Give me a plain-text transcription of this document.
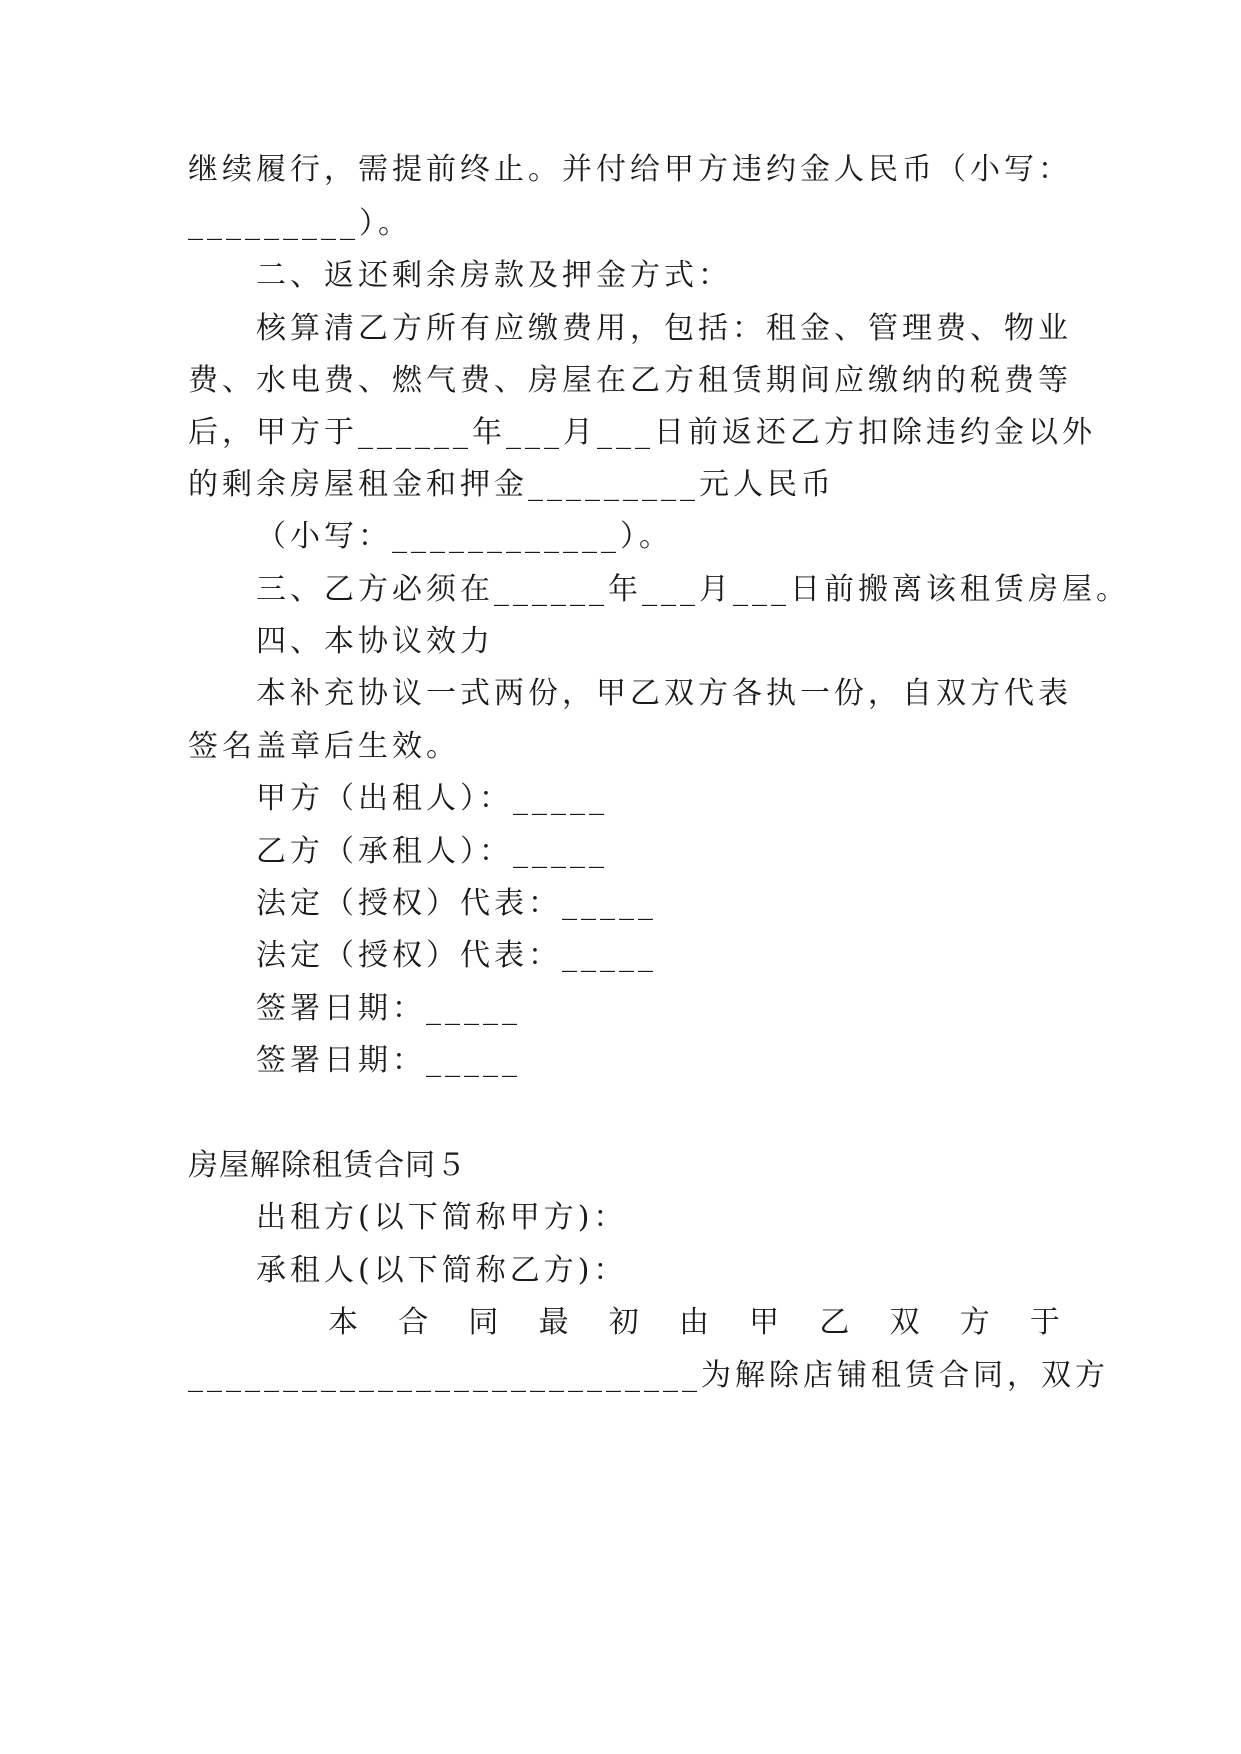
继续履行，需提前终止。并付给甲方违约金人民币（小写：
_________）。
二、返还剩余房款及押金方式：
核算清乙方所有应缴费用，包括：租金、管理费、物业
费、水电费、燃气费、房屋在乙方租赁期间应缴纳的税费等
后，甲方于______年___月___日前返还乙方扣除违约金以外
的剩余房屋租金和押金_________元人民币
（小写：____________）。
三、乙方必须在______年___月___日前搬离该租赁房屋。
四、本协议效力
本补充协议一式两份，甲乙双方各执一份，自双方代表
签名盖章后生效。
甲方（出租人）：_____
乙方（承租人）：_____
法定（授权）代表：_____
法定（授权）代表：_____
签署日期：_____
签署日期：_____
房屋解除租赁合同５
出租方(以下简称甲方)：
承租人(以下简称乙方)：
本 合 同 最 初 由 甲 乙 双 方 于
___________________________为解除店铺租赁合同，双方
